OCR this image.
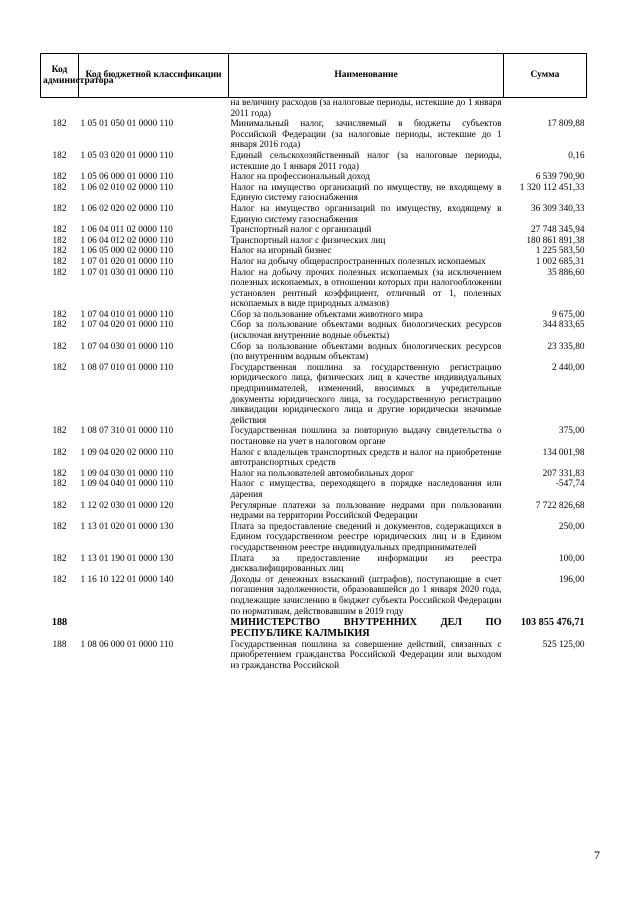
Код администратора	Код бюджетной классификации	Наименование	Сумма
		на величину расходов (за налоговые периоды, истекшие до 1 января 2011 года)	
182	1 05 01 050 01 0000 110	Минимальный налог, зачисляемый в бюджеты субъектов Российской Федерации (за налоговые периоды, истекшие до 1 января 2016 года)	17 809,88
182	1 05 03 020 01 0000 110	Единый сельскохозяйственный налог (за налоговые периоды, истекшие до 1 января 2011 года)	0,16
182	1 05 06 000 01 0000 110	Налог на профессиональный доход	6 539 790,90
182	1 06 02 010 02 0000 110	Налог на имущество организаций по имуществу, не входящему в Единую систему газоснабжения	1 320 112 451,33
182	1 06 02 020 02 0000 110	Налог на имущество организаций по имуществу, входящему в Единую систему газоснабжения	36 309 340,33
182	1 06 04 011 02 0000 110	Транспортный налог с организаций	27 748 345,94
182	1 06 04 012 02 0000 110	Транспортный налог с физических лиц	180 861 891,38
182	1 06 05 000 02 0000 110	Налог на игорный бизнес	1 225 583,50
182	1 07 01 020 01 0000 110	Налог на добычу общераспространенных полезных ископаемых	1 002 685,31
182	1 07 01 030 01 0000 110	Налог на добычу прочих полезных ископаемых (за исключением полезных ископаемых, в отношении которых при налогообложении установлен рентный коэффициент, отличный от 1, полезных ископаемых в виде природных алмазов)	35 886,60
182	1 07 04 010 01 0000 110	Сбор за пользование объектами животного мира	9 675,00
182	1 07 04 020 01 0000 110	Сбор за пользование объектами водных биологических ресурсов (исключая внутренние водные объекты)	344 833,65
182	1 07 04 030 01 0000 110	Сбор за пользование объектами водных биологических ресурсов (по внутренним водным объектам)	23 335,80
182	1 08 07 010 01 0000 110	Государственная пошлина за государственную регистрацию юридического лица, физических лиц в качестве индивидуальных предпринимателей, изменений, вносимых в учредительные документы юридического лица, за государственную регистрацию ликвидации юридического лица и другие юридически значимые действия	2 440,00
182	1 08 07 310 01 0000 110	Государственная пошлина за повторную выдачу свидетельства о постановке на учет в налоговом органе	375,00
182	1 09 04 020 02 0000 110	Налог с владельцев транспортных средств и налог на приобретение автотранспортных средств	134 001,98
182	1 09 04 030 01 0000 110	Налог на пользователей автомобильных дорог	207 331,83
182	1 09 04 040 01 0000 110	Налог с имущества, переходящего в порядке наследования или дарения	-547,74
182	1 12 02 030 01 0000 120	Регулярные платежи за пользование недрами при пользовании недрами на территории Российской Федерации	7 722 826,68
182	1 13 01 020 01 0000 130	Плата за предоставление сведений и документов, содержащихся в Едином государственном реестре юридических лиц и в Едином государственном реестре индивидуальных предпринимателей	250,00
182	1 13 01 190 01 0000 130	Плата за предоставление информации из реестра дисквалифицированных лиц	100,00
182	1 16 10 122 01 0000 140	Доходы от денежных взысканий (штрафов), поступающие в счет погашения задолженности, образовавшейся до 1 января 2020 года, подлежащие зачислению в бюджет субъекта Российской Федерации по нормативам, действовавшим в 2019 году	196,00
188		МИНИСТЕРСТВО ВНУТРЕННИХ ДЕЛ ПО РЕСПУБЛИКЕ КАЛМЫКИЯ	103 855 476,71
188	1 08 06 000 01 0000 110	Государственная пошлина за совершение действий, связанных с приобретением гражданства Российской Федерации или выходом из гражданства Российской	525 125,00
7
